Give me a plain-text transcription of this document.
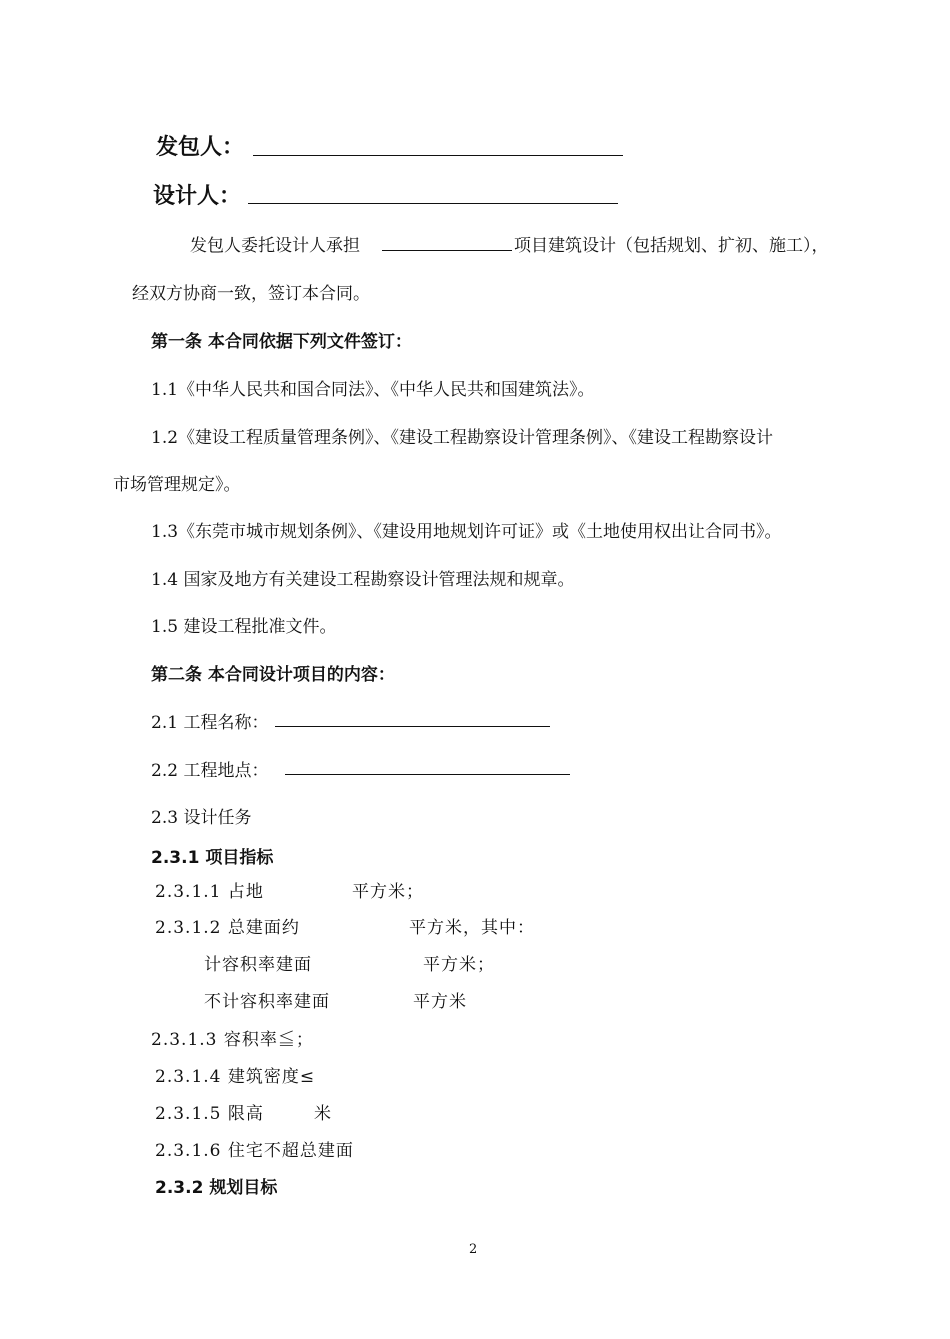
发包人：
设计人：
发包人委托设计人承担	项目建筑设计（包括规划、扩初、施工），
经双方协商一致，签订本合同。
第一条 本合同依据下列文件签订：
1.1《中华人民共和国合同法》、《中华人民共和国建筑法》。
1.2《建设工程质量管理条例》、《建设工程勘察设计管理条例》、《建设工程勘察设计
市场管理规定》。
1.3《东莞市城市规划条例》、《建设用地规划许可证》或《土地使用权出让合同书》。
1.4 国家及地方有关建设工程勘察设计管理法规和规章。
1.5 建设工程批准文件。
第二条 本合同设计项目的内容：
2.1 工程名称：
2.2 工程地点：
2.3 设计任务
2.3.1 项目指标
2.3.1.1 占地	平方米；
2.3.1.2 总建面约	平方米，其中：
计容积率建面	平方米；
不计容积率建面	平方米
2.3.1.3 容积率≦；
2.3.1.4 建筑密度≤
2.3.1.5 限高	米
2.3.1.6 住宅不超总建面
2.3.2 规划目标
2
